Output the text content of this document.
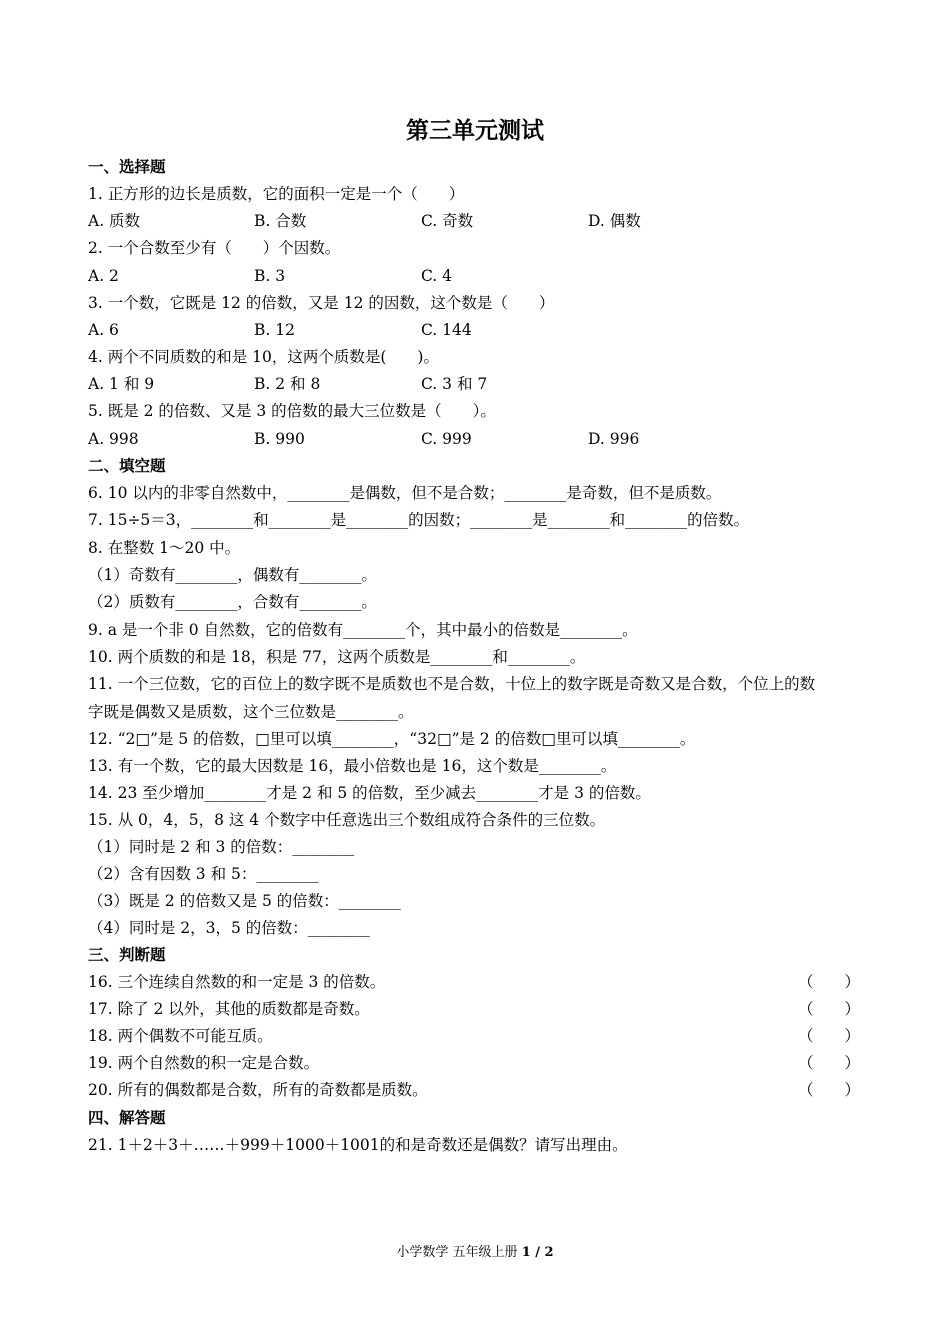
第三单元测试
一、选择题
1. 正方形的边长是质数，它的面积一定是一个（　　）
A. 质数	B. 合数	C. 奇数	D. 偶数
2. 一个合数至少有（　　）个因数。
A. 2	B. 3	C. 4
3. 一个数，它既是 12 的倍数，又是 12 的因数，这个数是（　　）
A. 6	B. 12	C. 144
4. 两个不同质数的和是 10，这两个质数是(　　)。
A. 1 和 9	B. 2 和 8	C. 3 和 7
5. 既是 2 的倍数、又是 3 的倍数的最大三位数是（　　）。
A. 998	B. 990	C. 999	D. 996
二、填空题
6. 10 以内的非零自然数中，________是偶数，但不是合数；________是奇数，但不是质数。
7. 15÷5＝3，________和________是________的因数；________是________和________的倍数。
8. 在整数 1～20 中。
（1）奇数有________，偶数有________。
（2）质数有________，合数有________。
9. a 是一个非 0 自然数，它的倍数有________个，其中最小的倍数是________。
10. 两个质数的和是 18，积是 77，这两个质数是________和________。
11. 一个三位数，它的百位上的数字既不是质数也不是合数，十位上的数字既是奇数又是合数，个位上的数
字既是偶数又是质数，这个三位数是________。
12. “2□”是 5 的倍数，□里可以填________，“32□”是 2 的倍数□里可以填________。
13. 有一个数，它的最大因数是 16，最小倍数也是 16，这个数是________。
14. 23 至少增加________才是 2 和 5 的倍数，至少减去________才是 3 的倍数。
15. 从 0，4，5，8 这 4 个数字中任意选出三个数组成符合条件的三位数。
（1）同时是 2 和 3 的倍数：________
（2）含有因数 3 和 5：________
（3）既是 2 的倍数又是 5 的倍数：________
（4）同时是 2，3，5 的倍数：________
三、判断题
16. 三个连续自然数的和一定是 3 的倍数。	（　　）
17. 除了 2 以外，其他的质数都是奇数。	（　　）
18. 两个偶数不可能互质。	（　　）
19. 两个自然数的积一定是合数。	（　　）
20. 所有的偶数都是合数，所有的奇数都是质数。	（　　）
四、解答题
21. 1＋2＋3＋……＋999＋1000＋1001的和是奇数还是偶数？请写出理由。
小学数学 五年级上册 1 / 2
